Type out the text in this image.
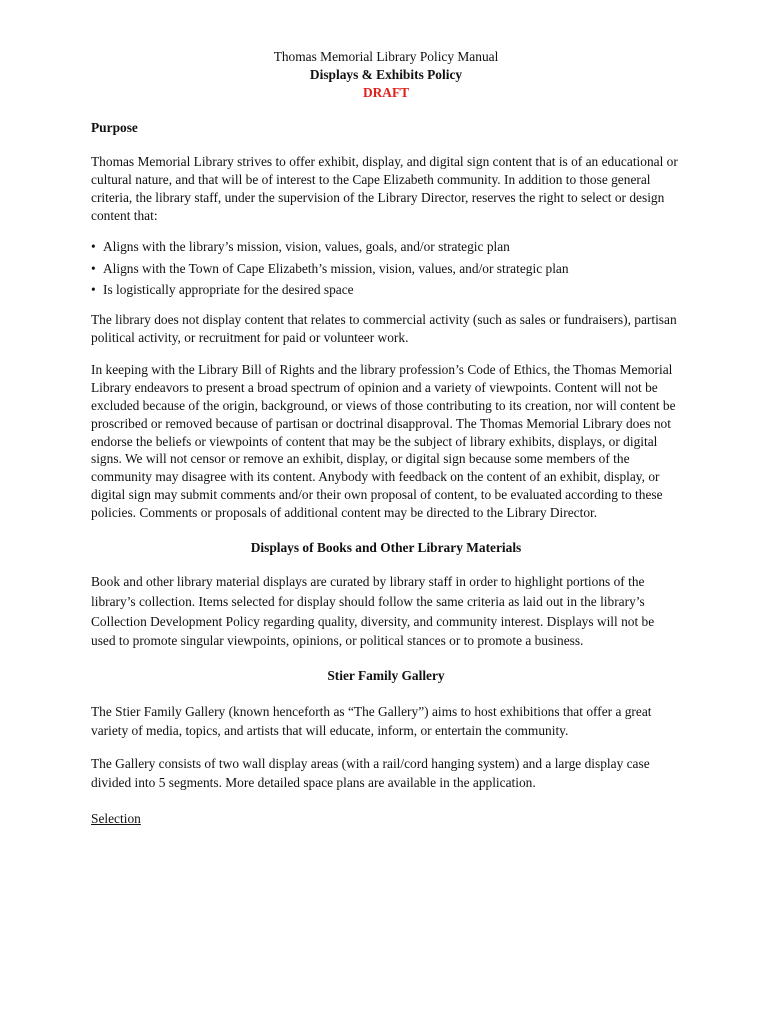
Thomas Memorial Library Policy Manual
Displays & Exhibits Policy
DRAFT
Purpose

Thomas Memorial Library strives to offer exhibit, display, and digital sign content that is of an educational or cultural nature, and that will be of interest to the Cape Elizabeth community. In addition to those general criteria, the library staff, under the supervision of the Library Director, reserves the right to select or design content that:

• Aligns with the library’s mission, vision, values, goals, and/or strategic plan
• Aligns with the Town of Cape Elizabeth’s mission, vision, values, and/or strategic plan
• Is logistically appropriate for the desired space

The library does not display content that relates to commercial activity (such as sales or fundraisers), partisan political activity, or recruitment for paid or volunteer work.

In keeping with the Library Bill of Rights and the library profession’s Code of Ethics, the Thomas Memorial Library endeavors to present a broad spectrum of opinion and a variety of viewpoints. Content will not be excluded because of the origin, background, or views of those contributing to its creation, nor will content be proscribed or removed because of partisan or doctrinal disapproval. The Thomas Memorial Library does not endorse the beliefs or viewpoints of content that may be the subject of library exhibits, displays, or digital signs. We will not censor or remove an exhibit, display, or digital sign because some members of the community may disagree with its content. Anybody with feedback on the content of an exhibit, display, or digital sign may submit comments and/or their own proposal of content, to be evaluated according to these policies. Comments or proposals of additional content may be directed to the Library Director.

Displays of Books and Other Library Materials

Book and other library material displays are curated by library staff in order to highlight portions of the library’s collection. Items selected for display should follow the same criteria as laid out in the library’s Collection Development Policy regarding quality, diversity, and community interest. Displays will not be used to promote singular viewpoints, opinions, or political stances or to promote a business.

Stier Family Gallery

The Stier Family Gallery (known henceforth as “The Gallery”) aims to host exhibitions that offer a great variety of media, topics, and artists that will educate, inform, or entertain the community.

The Gallery consists of two wall display areas (with a rail/cord hanging system) and a large display case divided into 5 segments. More detailed space plans are available in the application.

Selection
